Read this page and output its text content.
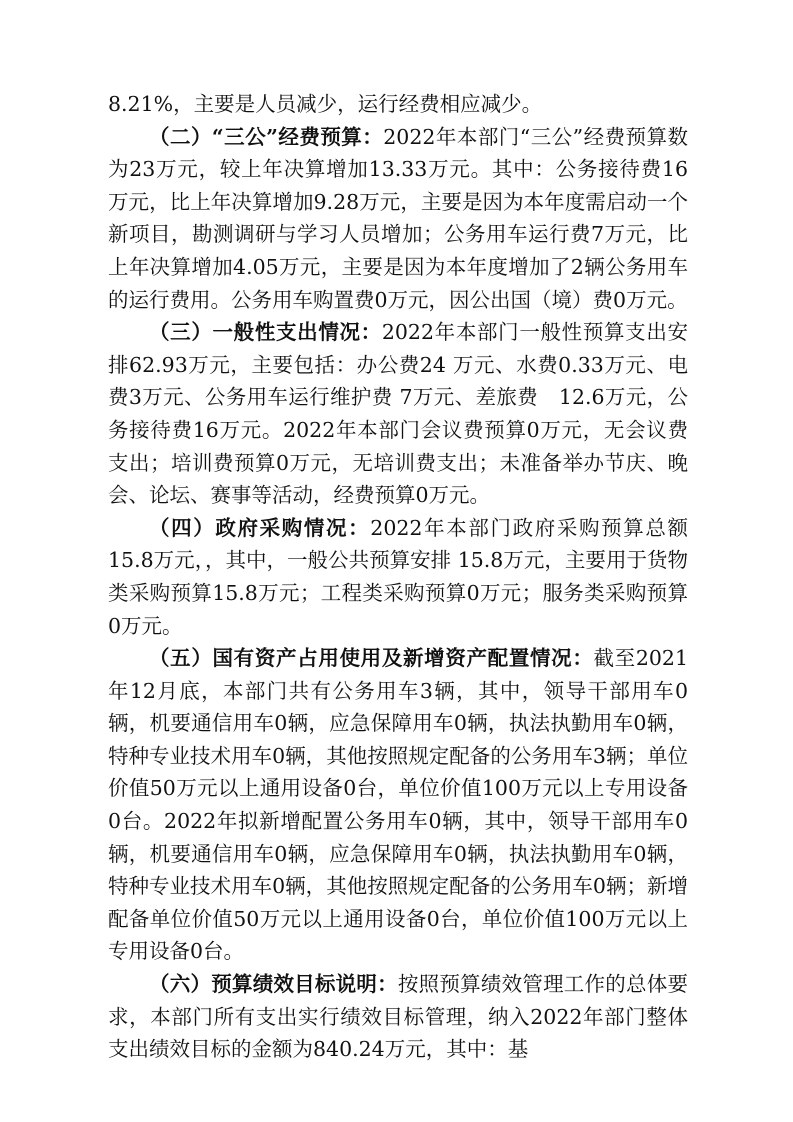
8.21%，主要是人员减少，运行经费相应减少。

（二）“三公”经费预算：2022年本部门“三公”经费预算数为23万元，较上年决算增加13.33万元。其中：公务接待费16万元，比上年决算增加9.28万元，主要是因为本年度需启动一个新项目，勘测调研与学习人员增加；公务用车运行费7万元，比上年决算增加4.05万元，主要是因为本年度增加了2辆公务用车的运行费用。公务用车购置费0万元，因公出国（境）费0万元。

（三）一般性支出情况：2022年本部门一般性预算支出安排62.93万元，主要包括：办公费24 万元、水费0.33万元、电费3万元、公务用车运行维护费 7万元、差旅费　12.6万元，公务接待费16万元。2022年本部门会议费预算0万元，无会议费支出；培训费预算0万元，无培训费支出；未准备举办节庆、晚会、论坛、赛事等活动，经费预算0万元。

（四）政府采购情况：2022年本部门政府采购预算总额15.8万元，，其中，一般公共预算安排 15.8万元，主要用于货物类采购预算15.8万元；工程类采购预算0万元；服务类采购预算0万元。

（五）国有资产占用使用及新增资产配置情况：截至2021年12月底，本部门共有公务用车3辆，其中，领导干部用车0辆，机要通信用车0辆，应急保障用车0辆，执法执勤用车0辆，特种专业技术用车0辆，其他按照规定配备的公务用车3辆；单位价值50万元以上通用设备0台，单位价值100万元以上专用设备0台。2022年拟新增配置公务用车0辆，其中，领导干部用车0辆，机要通信用车0辆，应急保障用车0辆，执法执勤用车0辆，特种专业技术用车0辆，其他按照规定配备的公务用车0辆；新增配备单位价值50万元以上通用设备0台，单位价值100万元以上专用设备0台。

（六）预算绩效目标说明：按照预算绩效管理工作的总体要求，本部门所有支出实行绩效目标管理，纳入2022年部门整体支出绩效目标的金额为840.24万元，其中：基
